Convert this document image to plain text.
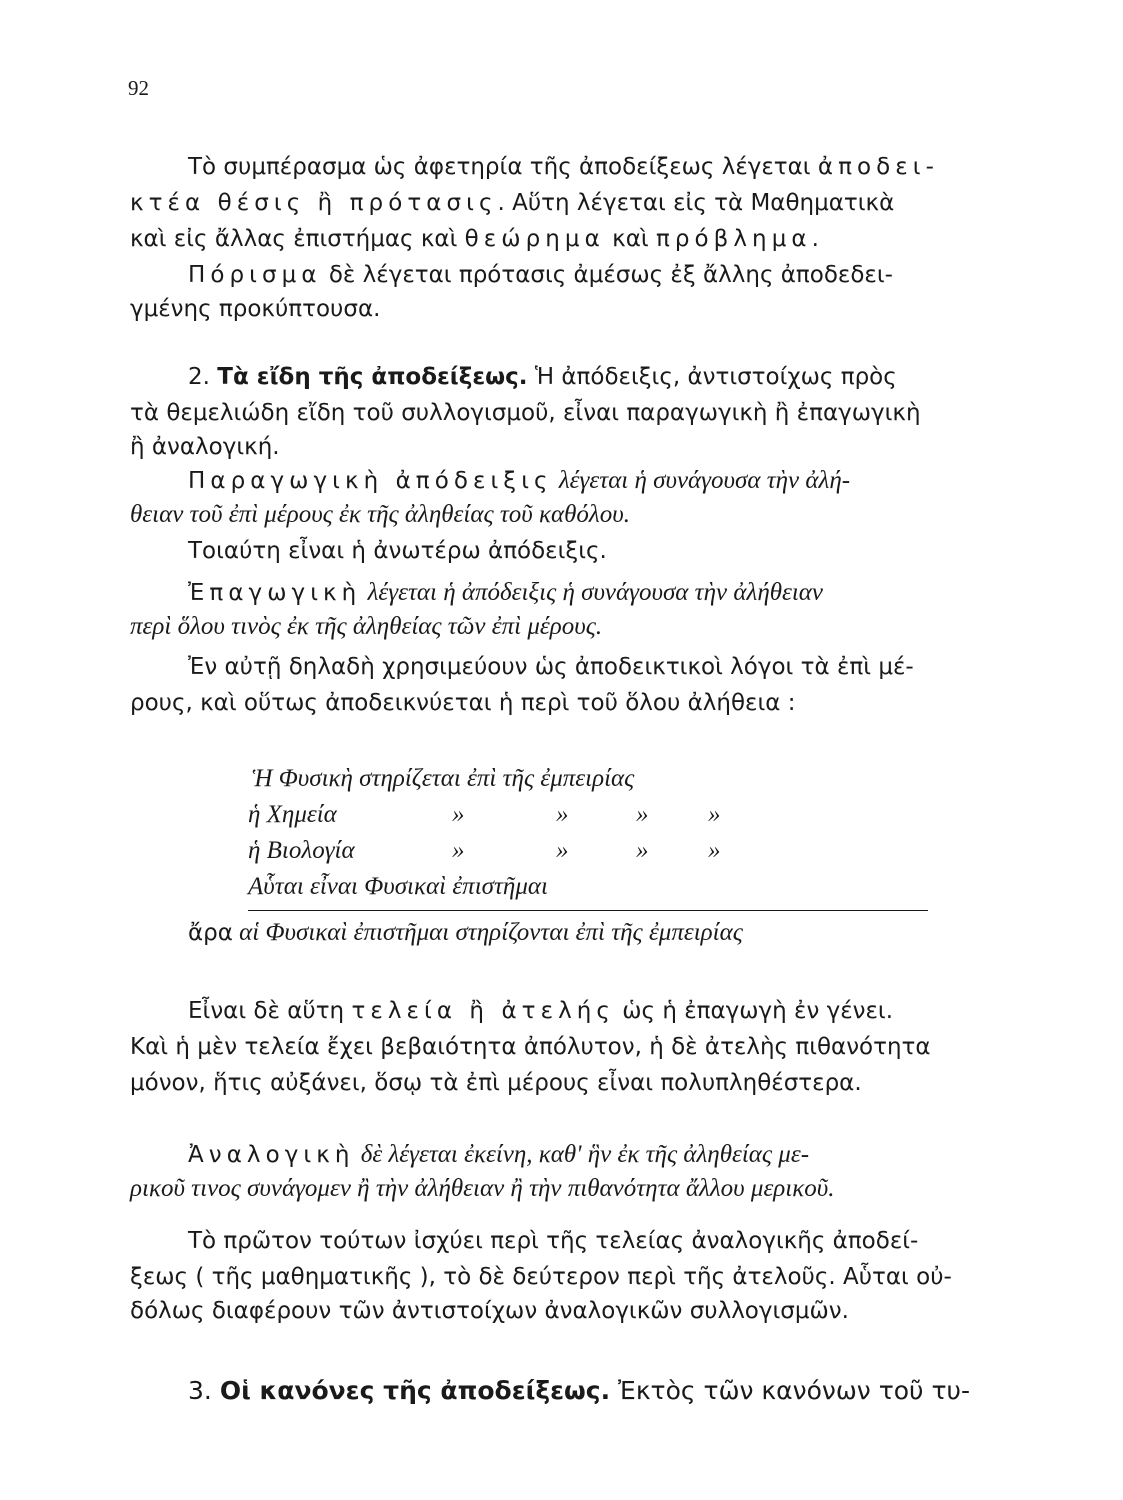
92
Τὸ συμπέρασμα ὡς ἀφετηρία τῆς ἀποδείξεως λέγεται ἀποδει-
κτέα θέσις ἢ πρότασις. Αὕτη λέγεται εἰς τὰ Μαθηματικὰ
καὶ εἰς ἄλλας ἐπιστήμας καὶ θεώρημα καὶ πρόβλημα.
Πόρισμα δὲ λέγεται πρότασις ἀμέσως ἐξ ἄλλης ἀποδεδει-
γμένης προκύπτουσα.
2. Τὰ εἴδη τῆς ἀποδείξεως. Ἡ ἀπόδειξις, ἀντιστοίχως πρὸς
τὰ θεμελιώδη εἴδη τοῦ συλλογισμοῦ, εἶναι παραγωγικὴ ἢ ἐπαγωγικὴ
ἢ ἀναλογική.
Παραγωγικὴ ἀπόδειξις λέγεται ἡ συνάγουσα τὴν ἀλή-
θειαν τοῦ ἐπὶ μέρους ἐκ τῆς ἀληθείας τοῦ καθόλου.
Τοιαύτη εἶναι ἡ ἀνωτέρω ἀπόδειξις.
Ἐπαγωγικὴ λέγεται ἡ ἀπόδειξις ἡ συνάγουσα τὴν ἀλήθειαν
περὶ ὅλου τινὸς ἐκ τῆς ἀληθείας τῶν ἐπὶ μέρους.
Ἐν αὐτῇ δηλαδὴ χρησιμεύουν ὡς ἀποδεικτικοὶ λόγοι τὰ ἐπὶ μέ-
ρους, καὶ οὕτως ἀποδεικνύεται ἡ περὶ τοῦ ὅλου ἀλήθεια :
Ἡ Φυσικὴ στηρίζεται ἐπὶ τῆς ἐμπειρίας
ἡ Χημεία	»	»	» »
ἡ Βιολογία	»	»	» »
Αὗται εἶναι Φυσικαὶ ἐπιστῆμαι
ἄρα αἱ Φυσικαὶ ἐπιστῆμαι στηρίζονται ἐπὶ τῆς ἐμπειρίας
Εἶναι δὲ αὕτη τελεία ἢ ἀτελής ὡς ἡ ἐπαγωγὴ ἐν γένει.
Καὶ ἡ μὲν τελεία ἔχει βεβαιότητα ἀπόλυτον, ἡ δὲ ἀτελὴς πιθανότητα
μόνον, ἥτις αὐξάνει, ὅσῳ τὰ ἐπὶ μέρους εἶναι πολυπληθέστερα.
Ἀναλογικὴ δὲ λέγεται ἐκείνη, καθ' ἣν ἐκ τῆς ἀληθείας με-
ρικοῦ τινος συνάγομεν ἢ τὴν ἀλήθειαν ἢ τὴν πιθανότητα ἄλλου μερικοῦ.
Τὸ πρῶτον τούτων ἰσχύει περὶ τῆς τελείας ἀναλογικῆς ἀποδεί-
ξεως ( τῆς μαθηματικῆς ), τὸ δὲ δεύτερον περὶ τῆς ἀτελοῦς. Αὗται οὐ-
δόλως διαφέρουν τῶν ἀντιστοίχων ἀναλογικῶν συλλογισμῶν.
3. Οἱ κανόνες τῆς ἀποδείξεως. Ἐκτὸς τῶν κανόνων τοῦ τυ-
